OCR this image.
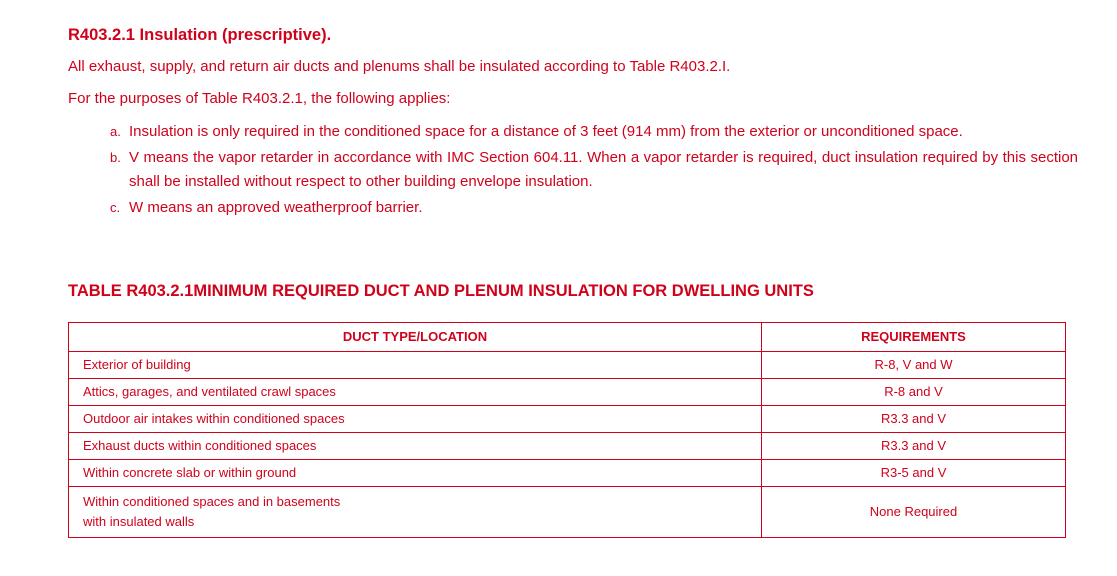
R403.2.1 Insulation (prescriptive).

All exhaust, supply, and return air ducts and plenums shall be insulated according to Table R403.2.I.

For the purposes of Table R403.2.1, the following applies:

a. Insulation is only required in the conditioned space for a distance of 3 feet (914 mm) from the exterior or unconditioned space.
b. V means the vapor retarder in accordance with IMC Section 604.11. When a vapor retarder is required, duct insulation required by this section shall be installed without respect to other building envelope insulation.
c. W means an approved weatherproof barrier.
TABLE R403.2.1MINIMUM REQUIRED DUCT AND PLENUM INSULATION FOR DWELLING UNITS
DUCT TYPE/LOCATION	REQUIREMENTS
Exterior of building	R-8, V and W
Attics, garages, and ventilated crawl spaces	R-8 and V
Outdoor air intakes within conditioned spaces	R3.3 and V
Exhaust ducts within conditioned spaces	R3.3 and V
Within concrete slab or within ground	R3-5 and V
Within conditioned spaces and in basements
with insulated walls	None Required
